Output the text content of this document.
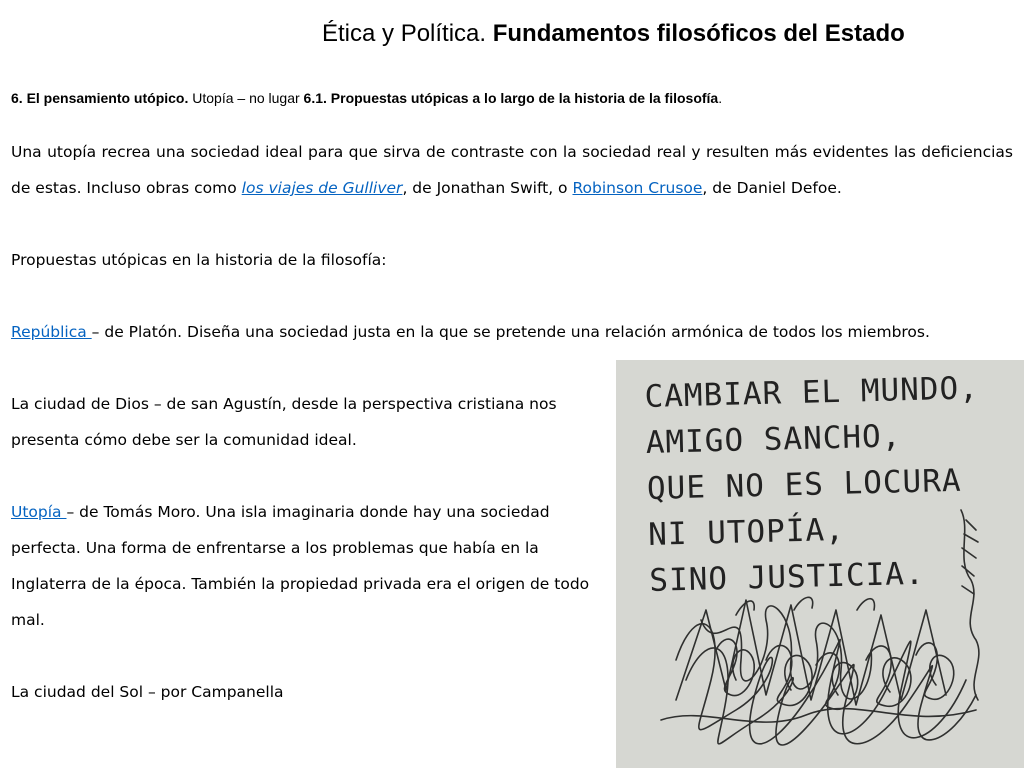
Ética y Política. Fundamentos filosóficos del Estado
6. El pensamiento utópico. Utopía – no lugar 6.1. Propuestas utópicas a lo largo de la historia de la filosofía.

Una utopía recrea una sociedad ideal para que sirva de contraste con la sociedad real y resulten más evidentes las deficiencias de estas. Incluso obras como los viajes de Gulliver, de Jonathan Swift, o Robinson Crusoe, de Daniel Defoe.

Propuestas utópicas en la historia de la filosofía:

República – de Platón. Diseña una sociedad justa en la que se pretende una relación armónica de todos los miembros.

La ciudad de Dios – de san Agustín, desde la perspectiva cristiana nos presenta cómo debe ser la comunidad ideal.

Utopía – de Tomás Moro. Una isla imaginaria donde hay una sociedad perfecta. Una forma de enfrentarse a los problemas que había en la Inglaterra de la época. También la propiedad privada era el origen de todo mal.

La ciudad del Sol – por Campanella

CAMBIAR EL MUNDO,
AMIGO SANCHO,
QUE NO ES LOCURA
NI UTOPÍA,
SINO JUSTICIA.
